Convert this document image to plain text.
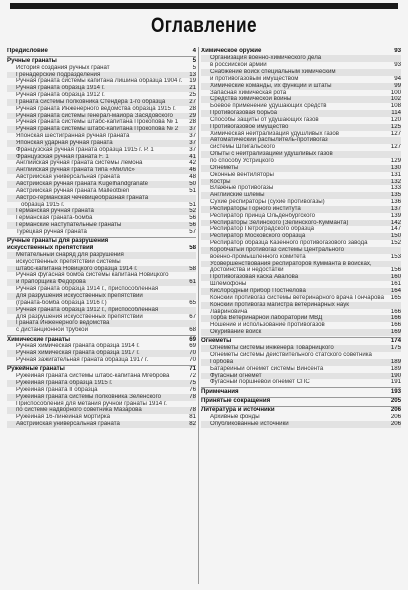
Оглавление
Предисловие	4
Ручные гранаты	5
История создания ручных гранат	5
Гренадерские подразделения	13
Ручная граната системы капитана Лишина образца 1904 г. 19
Ручная граната образца 1914 г.	21
Ручная граната образца 1912 г.	25
Граната системы полковника Стендера 1-го образца	27
Ручная граната Инженерного ведомства образца 1915 г. 28
Ручная граната системы генерал-майора Засядовского	29
Ручная граната системы штабс-капитана Прокопова № 1 28
Ручная граната системы штабс-капитана Прокопова № 2 37
Японская шестигранная ручная граната	37
Японская ударная ручная граната	37
Французская ручная граната образца 1915 г. Р. 1	37
Французская ручная граната F. 1	41
Английская ручная граната системы Лемона	42
Английская ручная граната типа «Миллс»	46
Австрийская универсальная граната	48
Австрийская ручная граната Kugelhandgranate	50
Австрийская ручная граната Malleotbien	51
Австро-германская чечевицеобразная граната
образца 1915 г.	51
Германская ручная граната	52
Германская граната-бомба	56
Германские наступательные гранаты	56
Турецкая ручная граната	57
Ручные гранаты для разрушения
искусственных препятствий	58
Метательный снаряд для разрушения
искусственных препятствий системы
штабс-капитана Новицкого образца 1914 г.	58
Ручная фугасная бомба системы капитана Новицкого
и прапорщика Федорова	61
Ручная граната образца 1914 г., приспособленная
для разрушения искусственных препятствий
(граната-бомба образца 1916 г.)	65
Ручная граната образца 1912 г., приспособленная
для разрушения искусственных препятствий	67
Граната Инженерного ведомства
с дистанционной трубкой	68
Химические гранаты	69
Ручная химическая граната образца 1914 г.	69
Ручная химическая граната образца 1917 г.	70
Ручная зажигательная граната образца 1917 г.	70
Ружейные гранаты	71
Ружейная граната системы штабс-капитана Мгеброва	72
Ружейная граната образца 1915 г.	75
Ружейная граната II образца	76
Ружейная граната системы полковника Зеленского	78
Приспособления для метания ручной гранаты 1914 г.
по системе надворного советника Мазарова	78
Ружейная 16-линейная мортирка	81
Австрийская универсальная граната	82
Химическое оружие	93
Организация военно-химического дела
в российской армии	93
Снабжение войск специальным химическим
и противогазовым имуществом	94
Химические команды, их функции и штаты	99
Запасная химическая рота	100
Средства химической войны	102
Боевое применение удушающих средств	108
Противогазовая борьба	114
Способы защиты от удушающих газов	120
Противогазовое имущество	125
Химическая нейтрализация удушливых газов	127
Автоматический распылитель-противогаз
системы Шпигальского	127
Опыты с нейтрализацией удушливых газов
по способу Устрицкого	129
Огнеметы	130
Оконные вентиляторы	131
Костры	132
Влажные противогазы	133
Английские шлемы	135
Сухие респираторы (сухие противогазы)	136
Респираторы Горного института	137
Респиратор принца Ольденбургского	139
Респираторы Зелинского (Зелинского-Кумманта)	142
Респиратор Петроградского образца	147
Респиратор Московского образца	150
Респиратор образца Казенного противогазового завода	152
Коробчатый противогаз системы Центрального
военно-промышленного комитета	153
Усовершенствования респираторов Кумманта в войсках,
достоинства и недостатки	156
Противогазовая каска Авалова	160
Шлемофоны	161
Кислородный прибор Постнелова	164
Конский противогаз системы ветеринарного врача Гончарова 165
Конский противогаз магистра ветеринарных наук
Лавриновича	166
Торба Ветеринарной лаборатории МВД	166
Ношение и использование противогазов	166
Окуривание войск	169
Огнеметы	174
Огнеметы системы инженера Товарницкого	175
Огнеметы системы действительного статского советника
Горбова	189
Батарейный огнемет системы Винсента	189
Фугасный огнемет	190
Фугасный поршневой огнемет СПС	191
Примечания	193
Принятые сокращения	205
Литература и источники	206
Архивные фонды	206
Опубликованные источники	206
